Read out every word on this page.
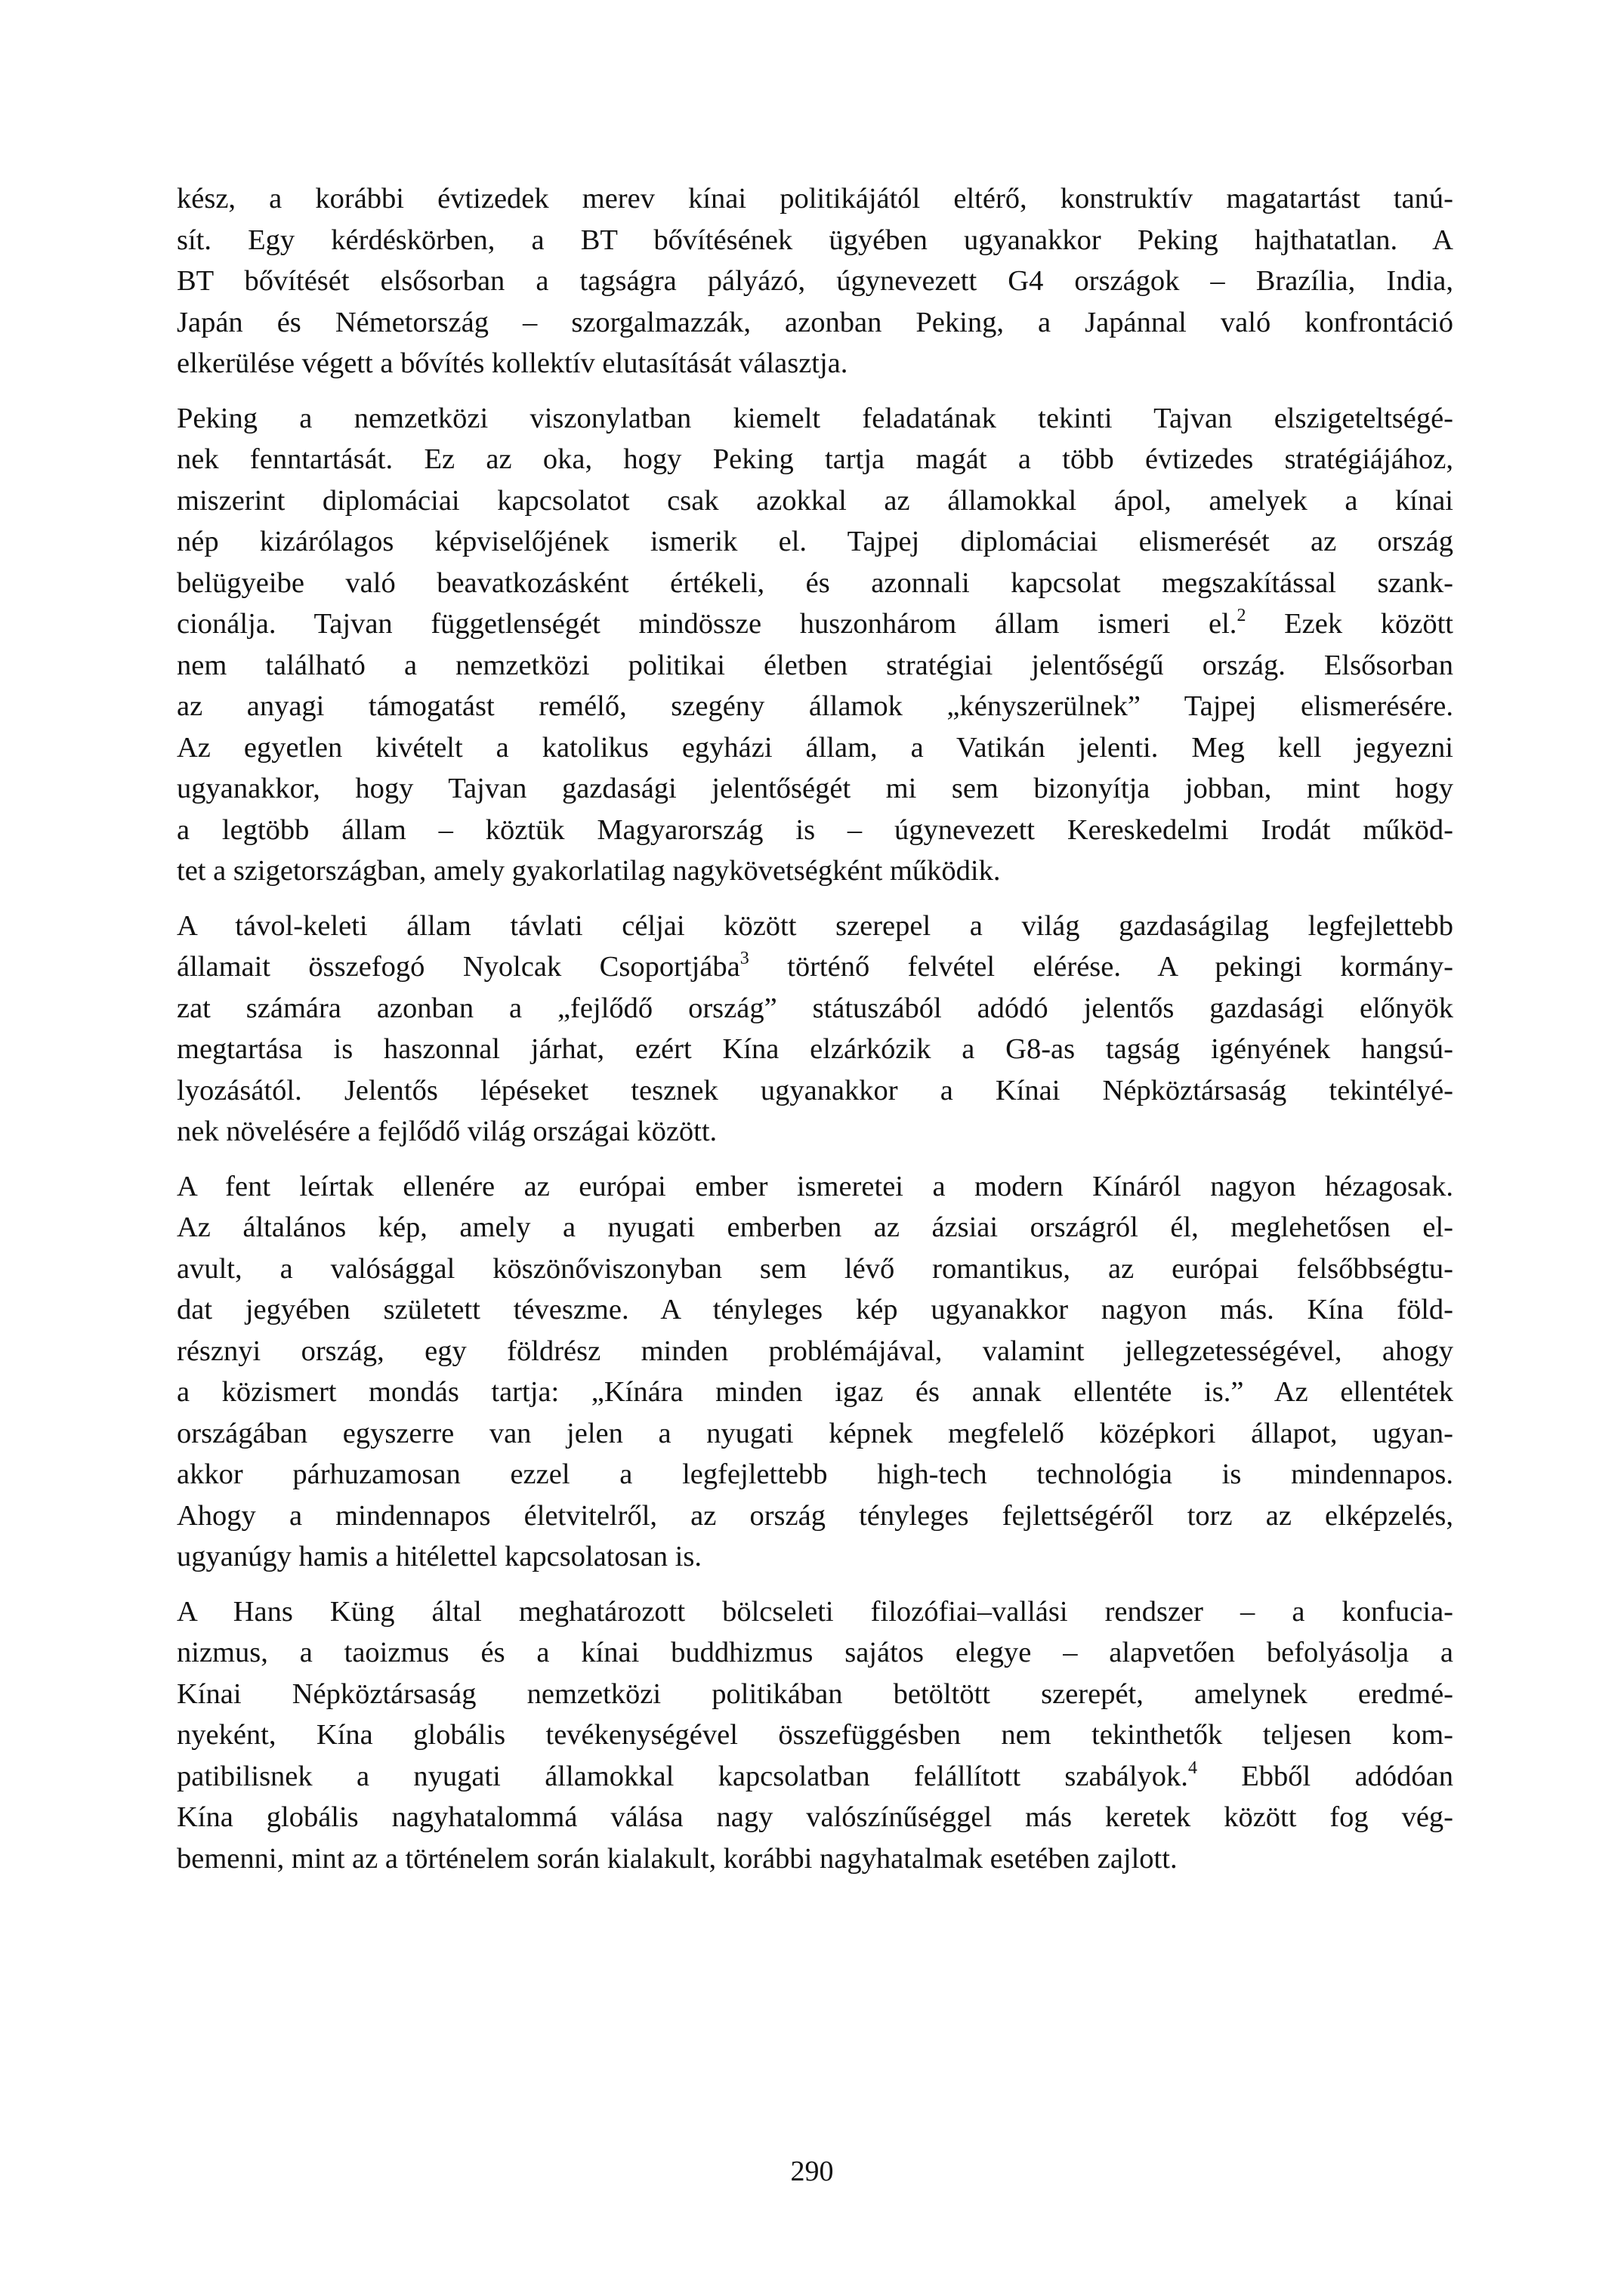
kész, a korábbi évtizedek merev kínai politikájától eltérő, konstruktív magatartást tanú-
sít. Egy kérdéskörben, a BT bővítésének ügyében ugyanakkor Peking hajthatatlan. A
BT bővítését elsősorban a tagságra pályázó, úgynevezett G4 országok – Brazília, India,
Japán és Németország – szorgalmazzák, azonban Peking, a Japánnal való konfrontáció
elkerülése végett a bővítés kollektív elutasítását választja.

Peking a nemzetközi viszonylatban kiemelt feladatának tekinti Tajvan elszigeteltségé-
nek fenntartását. Ez az oka, hogy Peking tartja magát a több évtizedes stratégiájához,
miszerint diplomáciai kapcsolatot csak azokkal az államokkal ápol, amelyek a kínai
nép kizárólagos képviselőjének ismerik el. Tajpej diplomáciai elismerését az ország
belügyeibe való beavatkozásként értékeli, és azonnali kapcsolat megszakítással szank-
cionálja. Tajvan függetlenségét mindössze huszonhárom állam ismeri el.$^2$ Ezek között
nem található a nemzetközi politikai életben stratégiai jelentőségű ország. Elsősorban
az anyagi támogatást remélő, szegény államok „kényszerülnek” Tajpej elismerésére.
Az egyetlen kivételt a katolikus egyházi állam, a Vatikán jelenti. Meg kell jegyezni
ugyanakkor, hogy Tajvan gazdasági jelentőségét mi sem bizonyítja jobban, mint hogy
a legtöbb állam – köztük Magyarország is – úgynevezett Kereskedelmi Irodát működ-
tet a szigetországban, amely gyakorlatilag nagykövetségként működik.

A távol-keleti állam távlati céljai között szerepel a világ gazdaságilag legfejlettebb
államait összefogó Nyolcak Csoportjába$^3$ történő felvétel elérése. A pekingi kormány-
zat számára azonban a „fejlődő ország” státuszából adódó jelentős gazdasági előnyök
megtartása is haszonnal járhat, ezért Kína elzárkózik a G8-as tagság igényének hangsú-
lyozásától. Jelentős lépéseket tesznek ugyanakkor a Kínai Népköztársaság tekintélyé-
nek növelésére a fejlődő világ országai között.

A fent leírtak ellenére az európai ember ismeretei a modern Kínáról nagyon hézagosak.
Az általános kép, amely a nyugati emberben az ázsiai országról él, meglehetősen el-
avult, a valósággal köszönőviszonyban sem lévő romantikus, az európai felsőbbségtu-
dat jegyében született téveszme. A tényleges kép ugyanakkor nagyon más. Kína föld-
résznyi ország, egy földrész minden problémájával, valamint jellegzetességével, ahogy
a közismert mondás tartja: „Kínára minden igaz és annak ellentéte is.” Az ellentétek
országában egyszerre van jelen a nyugati képnek megfelelő középkori állapot, ugyan-
akkor párhuzamosan ezzel a legfejlettebb high-tech technológia is mindennapos.
Ahogy a mindennapos életvitelről, az ország tényleges fejlettségéről torz az elképzelés,
ugyanúgy hamis a hitélettel kapcsolatosan is.

A Hans Küng által meghatározott bölcseleti filozófiai–vallási rendszer – a konfucia-
nizmus, a taoizmus és a kínai buddhizmus sajátos elegye – alapvetően befolyásolja a
Kínai Népköztársaság nemzetközi politikában betöltött szerepét, amelynek eredmé-
nyeként, Kína globális tevékenységével összefüggésben nem tekinthetők teljesen kom-
patibilisnek a nyugati államokkal kapcsolatban felállított szabályok.$^4$ Ebből adódóan
Kína globális nagyhatalommá válása nagy valószínűséggel más keretek között fog vég-
bemenni, mint az a történelem során kialakult, korábbi nagyhatalmak esetében zajlott.

290
